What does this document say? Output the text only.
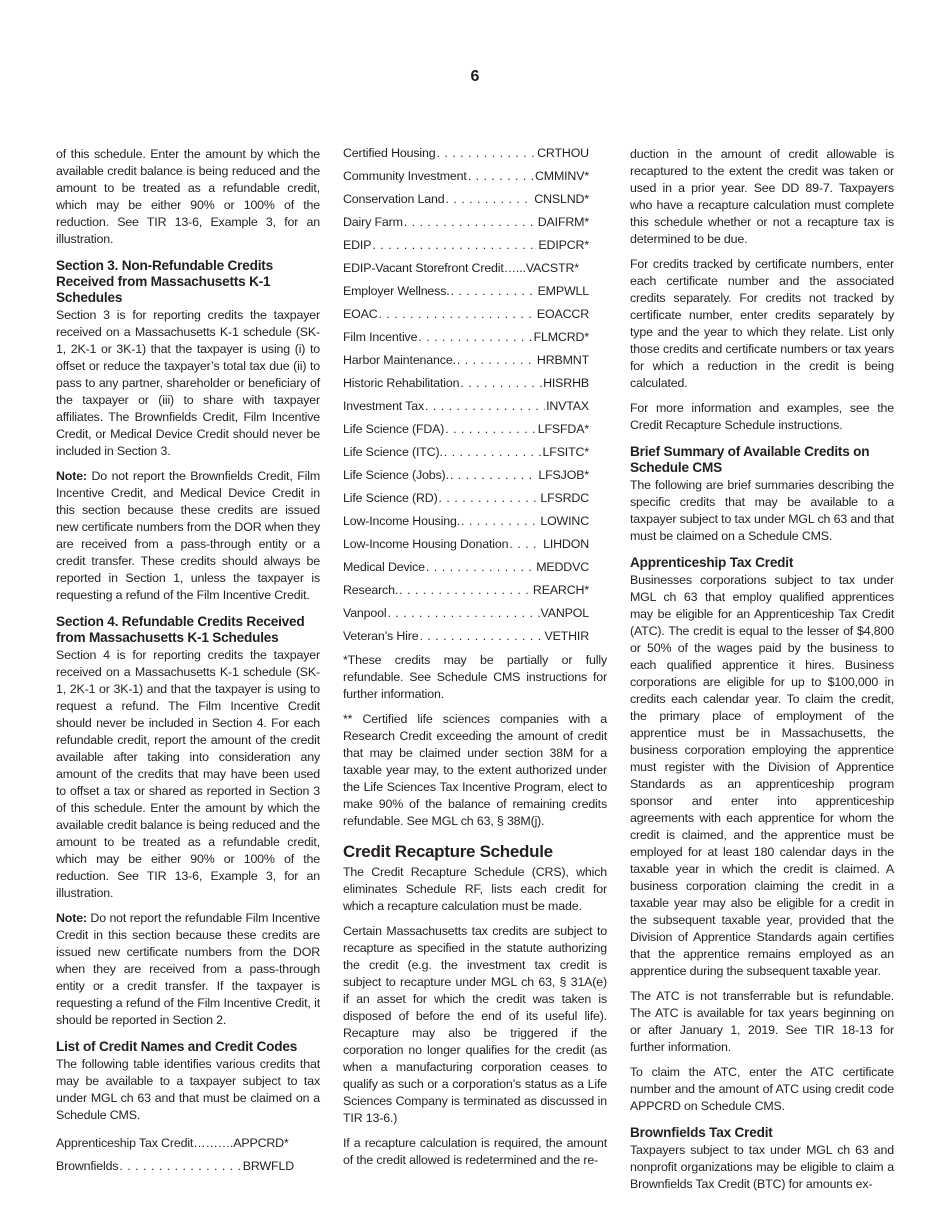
6

of this schedule. Enter the amount by which the available credit balance is being reduced and the amount to be treated as a refundable credit, which may be either 90% or 100% of the reduction. See TIR 13-6, Example 3, for an illustration.

Section 3. Non-Refundable Credits Received from Massachusetts K-1 Schedules

Section 3 is for reporting credits the taxpayer received on a Massachusetts K-1 schedule (SK-1, 2K-1 or 3K-1) that the taxpayer is using (i) to offset or reduce the taxpayer’s total tax due (ii) to pass to any partner, shareholder or beneficiary of the taxpayer or (iii) to share with taxpayer affiliates. The Brownfields Credit, Film Incentive Credit, or Medical Device Credit should never be included in Section 3.

Note: Do not report the Brownfields Credit, Film Incentive Credit, and Medical Device Credit in this section because these credits are issued new certificate numbers from the DOR when they are received from a pass-through entity or a credit transfer. These credits should always be reported in Section 1, unless the taxpayer is requesting a refund of the Film Incentive Credit.

Section 4. Refundable Credits Received from Massachusetts K-1 Schedules

Section 4 is for reporting credits the taxpayer received on a Massachusetts K-1 schedule (SK-1, 2K-1 or 3K-1) and that the taxpayer is using to request a refund. The Film Incentive Credit should never be included in Section 4. For each refundable credit, report the amount of the credit available after taking into consideration any amount of the credits that may have been used to offset a tax or shared as reported in Section 3 of this schedule. Enter the amount by which the available credit balance is being reduced and the amount to be treated as a refundable credit, which may be either 90% or 100% of the reduction. See TIR 13-6, Example 3, for an illustration.

Note: Do not report the refundable Film Incentive Credit in this section because these credits are issued new certificate numbers from the DOR when they are received from a pass-through entity or a credit transfer. If the taxpayer is requesting a refund of the Film Incentive Credit, it should be reported in Section 2.

List of Credit Names and Credit Codes

The following table identifies various credits that may be available to a taxpayer subject to tax under MGL ch 63 and that must be claimed on a Schedule CMS.

Apprenticeship Tax Credit………. APPCRD*
Brownfields . . .	BRWFLD
Certified Housing . . .	CRTHOU
Community Investment . . .	CMMINV*
Conservation Land . . .	CNSLND*
Dairy Farm . . .	DAIFRM*
EDIP . . .	EDIPCR*
EDIP-Vacant Storefront Credit…... VACSTR*
Employer Wellness. . . .	EMPWLL
EOAC . . .	EOACCR
Film Incentive . . .	FLMCRD*
Harbor Maintenance. . . .	HRBMNT
Historic Rehabilitation . . .	HISRHB
Investment Tax . . .	INVTAX
Life Science (FDA) . . .	LFSFDA*
Life Science (ITC). . . .	LFSITC*
Life Science (Jobs). . . .	LFSJOB*
Life Science (RD) . . .	LFSRDC
Low-Income Housing. . . .	LOWINC
Low-Income Housing Donation . . .	LIHDON
Medical Device . . .	MEDDVC
Research. . . .	REARCH*
Vanpool . . .	VANPOL
Veteran’s Hire . . .	VETHIR

*These credits may be partially or fully refundable. See Schedule CMS instructions for further information.

** Certified life sciences companies with a Research Credit exceeding the amount of credit that may be claimed under section 38M for a taxable year may, to the extent authorized under the Life Sciences Tax Incentive Program, elect to make 90% of the balance of remaining credits refundable. See MGL ch 63, § 38M(j).

Credit Recapture Schedule

The Credit Recapture Schedule (CRS), which eliminates Schedule RF, lists each credit for which a recapture calculation must be made.

Certain Massachusetts tax credits are subject to recapture as specified in the statute authorizing the credit (e.g. the investment tax credit is subject to recapture under MGL ch 63, § 31A(e) if an asset for which the credit was taken is disposed of before the end of its useful life). Recapture may also be triggered if the corporation no longer qualifies for the credit (as when a manufacturing corporation ceases to qualify as such or a corporation’s status as a Life Sciences Company is terminated as discussed in TIR 13-6.)

If a recapture calculation is required, the amount of the credit allowed is redetermined and the re-

duction in the amount of credit allowable is recaptured to the extent the credit was taken or used in a prior year. See DD 89-7. Taxpayers who have a recapture calculation must complete this schedule whether or not a recapture tax is determined to be due.

For credits tracked by certificate numbers, enter each certificate number and the associated credits separately. For credits not tracked by certificate number, enter credits separately by type and the year to which they relate. List only those credits and certificate numbers or tax years for which a reduction in the credit is being calculated.

For more information and examples, see the Credit Recapture Schedule instructions.

Brief Summary of Available Credits on Schedule CMS

The following are brief summaries describing the specific credits that may be available to a taxpayer subject to tax under MGL ch 63 and that must be claimed on a Schedule CMS.

Apprenticeship Tax Credit

Businesses corporations subject to tax under MGL ch 63 that employ qualified apprentices may be eligible for an Apprenticeship Tax Credit (ATC). The credit is equal to the lesser of $4,800 or 50% of the wages paid by the business to each qualified apprentice it hires. Business corporations are eligible for up to $100,000 in credits each calendar year. To claim the credit, the primary place of employment of the apprentice must be in Massachusetts, the business corporation employing the apprentice must register with the Division of Apprentice Standards as an apprenticeship program sponsor and enter into apprenticeship agreements with each apprentice for whom the credit is claimed, and the apprentice must be employed for at least 180 calendar days in the taxable year in which the credit is claimed. A business corporation claiming the credit in a taxable year may also be eligible for a credit in the subsequent taxable year, provided that the Division of Apprentice Standards again certifies that the apprentice remains employed as an apprentice during the subsequent taxable year.

The ATC is not transferrable but is refundable. The ATC is available for tax years beginning on or after January 1, 2019. See TIR 18-13 for further information.

To claim the ATC, enter the ATC certificate number and the amount of ATC using credit code APPCRD on Schedule CMS.

Brownfields Tax Credit

Taxpayers subject to tax under MGL ch 63 and nonprofit organizations may be eligible to claim a Brownfields Tax Credit (BTC) for amounts ex-
